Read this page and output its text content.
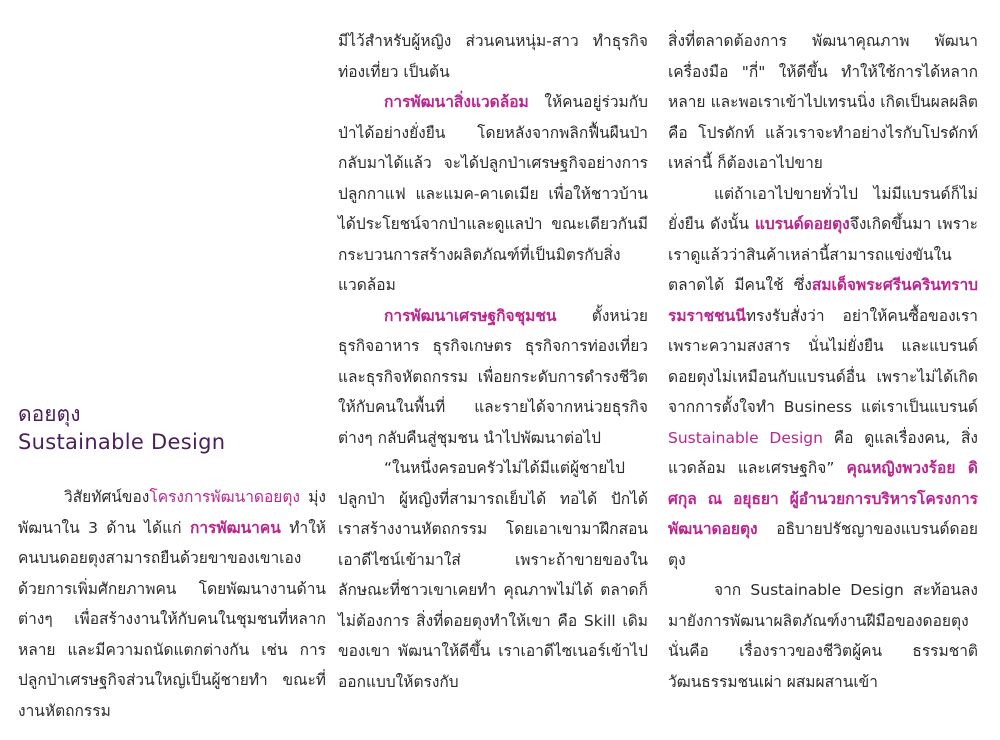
ดอยตุง
Sustainable Design

วิสัยทัศน์ของโครงการพัฒนาดอยตุง มุ่งพัฒนาใน 3 ด้าน ได้แก่ การพัฒนาคน ทำให้คนบนดอยตุงสามารถยืนด้วยขาของเขาเอง ด้วยการเพิ่มศักยภาพคน โดยพัฒนางานด้านต่างๆ เพื่อสร้างงานให้กับคนในชุมชนที่หลากหลาย และมีความถนัดแตกต่างกัน เช่น การปลูกป่าเศรษฐกิจส่วนใหญ่เป็นผู้ชายทำ ขณะที่งานหัตถกรรม

มีไว้สำหรับผู้หญิง ส่วนคนหนุ่ม-สาว ทำธุรกิจท่องเที่ยว เป็นต้น

การพัฒนาสิ่งแวดล้อม ให้คนอยู่ร่วมกับป่าได้อย่างยั่งยืน โดยหลังจากพลิกฟื้นผืนป่ากลับมาได้แล้ว จะได้ปลูกป่าเศรษฐกิจอย่างการปลูกกาแฟ และแมค-คาเดเมีย เพื่อให้ชาวบ้านได้ประโยชน์จากป่าและดูแลป่า ขณะเดียวกันมีกระบวนการสร้างผลิตภัณฑ์ที่เป็นมิตรกับสิ่งแวดล้อม

การพัฒนาเศรษฐกิจชุมชน ตั้งหน่วยธุรกิจอาหาร ธุรกิจเกษตร ธุรกิจการท่องเที่ยว และธุรกิจหัตถกรรม เพื่อยกระดับการดำรงชีวิตให้กับคนในพื้นที่ และรายได้จากหน่วยธุรกิจต่างๆ กลับคืนสู่ชุมชน นำไปพัฒนาต่อไป

“ในหนึ่งครอบครัวไม่ได้มีแต่ผู้ชายไปปลูกป่า ผู้หญิงที่สามารถเย็บได้ ทอได้ ปักได้ เราสร้างงานหัตถกรรม โดยเอาเขามาฝึกสอน เอาดีไซน์เข้ามาใส่ เพราะถ้าขายของในลักษณะที่ชาวเขาเคยทำ คุณภาพไม่ได้ ตลาดก็ไม่ต้องการ สิ่งที่ดอยตุงทำให้เขา คือ Skill เดิมของเขา พัฒนาให้ดีขึ้น เราเอาดีไซเนอร์เข้าไปออกแบบให้ตรงกับ

สิ่งที่ตลาดต้องการ พัฒนาคุณภาพ พัฒนาเครื่องมือ "กี่" ให้ดีขึ้น ทำให้ใช้การได้หลากหลาย และพอเราเข้าไปเทรนนิ่ง เกิดเป็นผลผลิต คือ โปรดักท์ แล้วเราจะทำอย่างไรกับโปรดักท์เหล่านี้ ก็ต้องเอาไปขาย

แต่ถ้าเอาไปขายทั่วไป ไม่มีแบรนด์ก็ไม่ยั่งยืน ดังนั้น แบรนด์ดอยตุงจึงเกิดขึ้นมา เพราะเราดูแล้วว่าสินค้าเหล่านี้สามารถแข่งขันในตลาดได้ มีคนใช้ ซึ่งสมเด็จพระศรีนครินทราบรมราชชนนีทรงรับสั่งว่า อย่าให้คนซื้อของเราเพราะความสงสาร นั่นไม่ยั่งยืน และแบรนด์ดอยตุงไม่เหมือนกับแบรนด์อื่น เพราะไม่ได้เกิดจากการตั้งใจทำ Business แต่เราเป็นแบรนด์ Sustainable Design คือ ดูแลเรื่องคน, สิ่งแวดล้อม และเศรษฐกิจ” คุณหญิงพวงร้อย ดิศกุล ณ อยุธยา ผู้อำนวยการบริหารโครงการพัฒนาดอยตุง อธิบายปรัชญาของแบรนด์ดอยตุง

จาก Sustainable Design สะท้อนลงมายังการพัฒนาผลิตภัณฑ์งานฝีมือของดอยตุง นั่นคือ เรื่องราวของชีวิตผู้คน ธรรมชาติ วัฒนธรรมชนเผ่า ผสมผสานเข้า
